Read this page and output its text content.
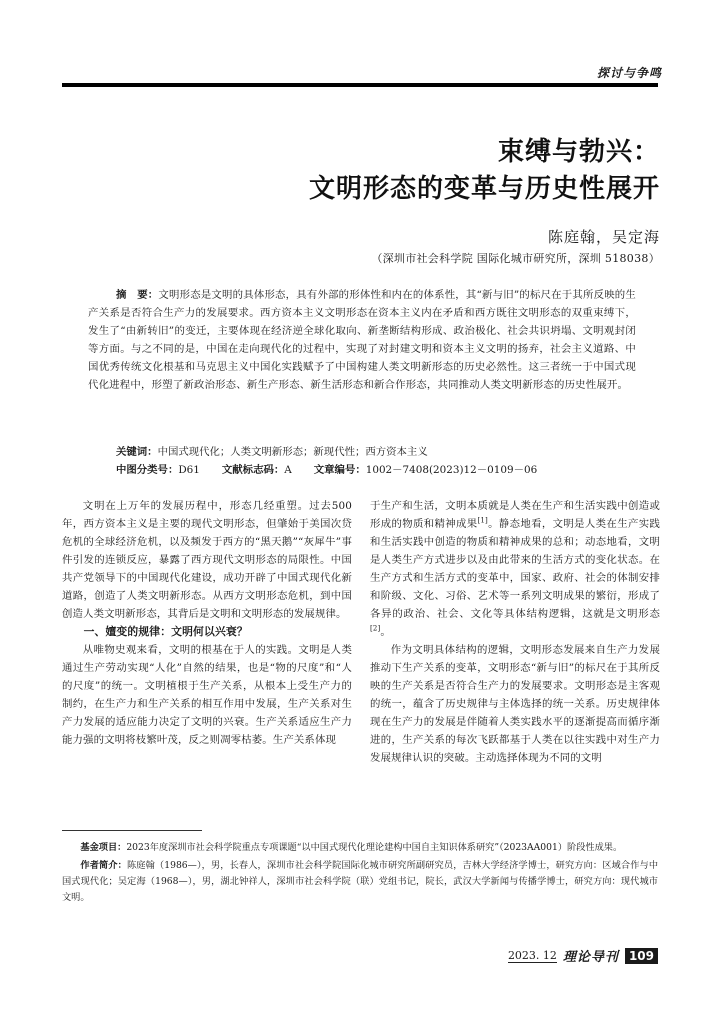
探讨与争鸣
束缚与勃兴：
文明形态的变革与历史性展开
陈庭翰，吴定海
（深圳市社会科学院 国际化城市研究所，深圳 518038）
摘　要：文明形态是文明的具体形态，具有外部的形体性和内在的体系性，其“新与旧”的标尺在于其所反映的生产关系是否符合生产力的发展要求。西方资本主义文明形态在资本主义内在矛盾和西方既往文明形态的双重束缚下，发生了“由新转旧”的变迁，主要体现在经济逆全球化取向、新垄断结构形成、政治极化、社会共识坍塌、文明观封闭等方面。与之不同的是，中国在走向现代化的过程中，实现了对封建文明和资本主义文明的扬弃，社会主义道路、中国优秀传统文化根基和马克思主义中国化实践赋予了中国构建人类文明新形态的历史必然性。这三者统一于中国式现代化进程中，形塑了新政治形态、新生产形态、新生活形态和新合作形态，共同推动人类文明新形态的历史性展开。
关键词：中国式现代化；人类文明新形态；新现代性；西方资本主义
中图分类号：D61 文献标志码：A 文章编号：1002－7408(2023)12－0109－06

文明在上万年的发展历程中，形态几经重塑。过去500年，西方资本主义是主要的现代文明形态，但肇始于美国次贷危机的全球经济危机，以及频发于西方的“黑天鹅”“灰犀牛”事件引发的连锁反应，暴露了西方现代文明形态的局限性。中国共产党领导下的中国现代化建设，成功开辟了中国式现代化新道路，创造了人类文明新形态。从西方文明形态危机，到中国创造人类文明新形态，其背后是文明和文明形态的发展规律。

一、嬗变的规律：文明何以兴衰？

从唯物史观来看，文明的根基在于人的实践。文明是人类通过生产劳动实现“人化”自然的结果，也是“物的尺度”和“人的尺度”的统一。文明植根于生产关系，从根本上受生产力的制约，在生产力和生产关系的相互作用中发展，生产关系对生产力发展的适应能力决定了文明的兴衰。生产关系适应生产力能力强的文明将枝繁叶茂，反之则凋零枯萎。生产关系体现

于生产和生活，文明本质就是人类在生产和生活实践中创造或形成的物质和精神成果[1]。静态地看，文明是人类在生产实践和生活实践中创造的物质和精神成果的总和；动态地看，文明是人类生产方式进步以及由此带来的生活方式的变化状态。在生产方式和生活方式的变革中，国家、政府、社会的体制安排和阶级、文化、习俗、艺术等一系列文明成果的繁衍，形成了各异的政治、社会、文化等具体结构逻辑，这就是文明形态[2]。

作为文明具体结构的逻辑，文明形态发展来自生产力发展推动下生产关系的变革，文明形态“新与旧”的标尺在于其所反映的生产关系是否符合生产力的发展要求。文明形态是主客观的统一，蕴含了历史规律与主体选择的统一关系。历史规律体现在生产力的发展是伴随着人类实践水平的逐渐提高而循序渐进的，生产关系的每次飞跃都基于人类在以往实践中对生产力发展规律认识的突破。主动选择体现为不同的文明

基金项目：2023年度深圳市社会科学院重点专项课题“以中国式现代化理论建构中国自主知识体系研究”（2023AA001）阶段性成果。

作者简介：陈庭翰（1986—），男，长春人，深圳市社会科学院国际化城市研究所副研究员，吉林大学经济学博士，研究方向：区域合作与中国式现代化；吴定海（1968—），男，湖北钟祥人，深圳市社会科学院（联）党组书记，院长，武汉大学新闻与传播学博士，研究方向：现代城市文明。

2023. 12 理论导刊 109
